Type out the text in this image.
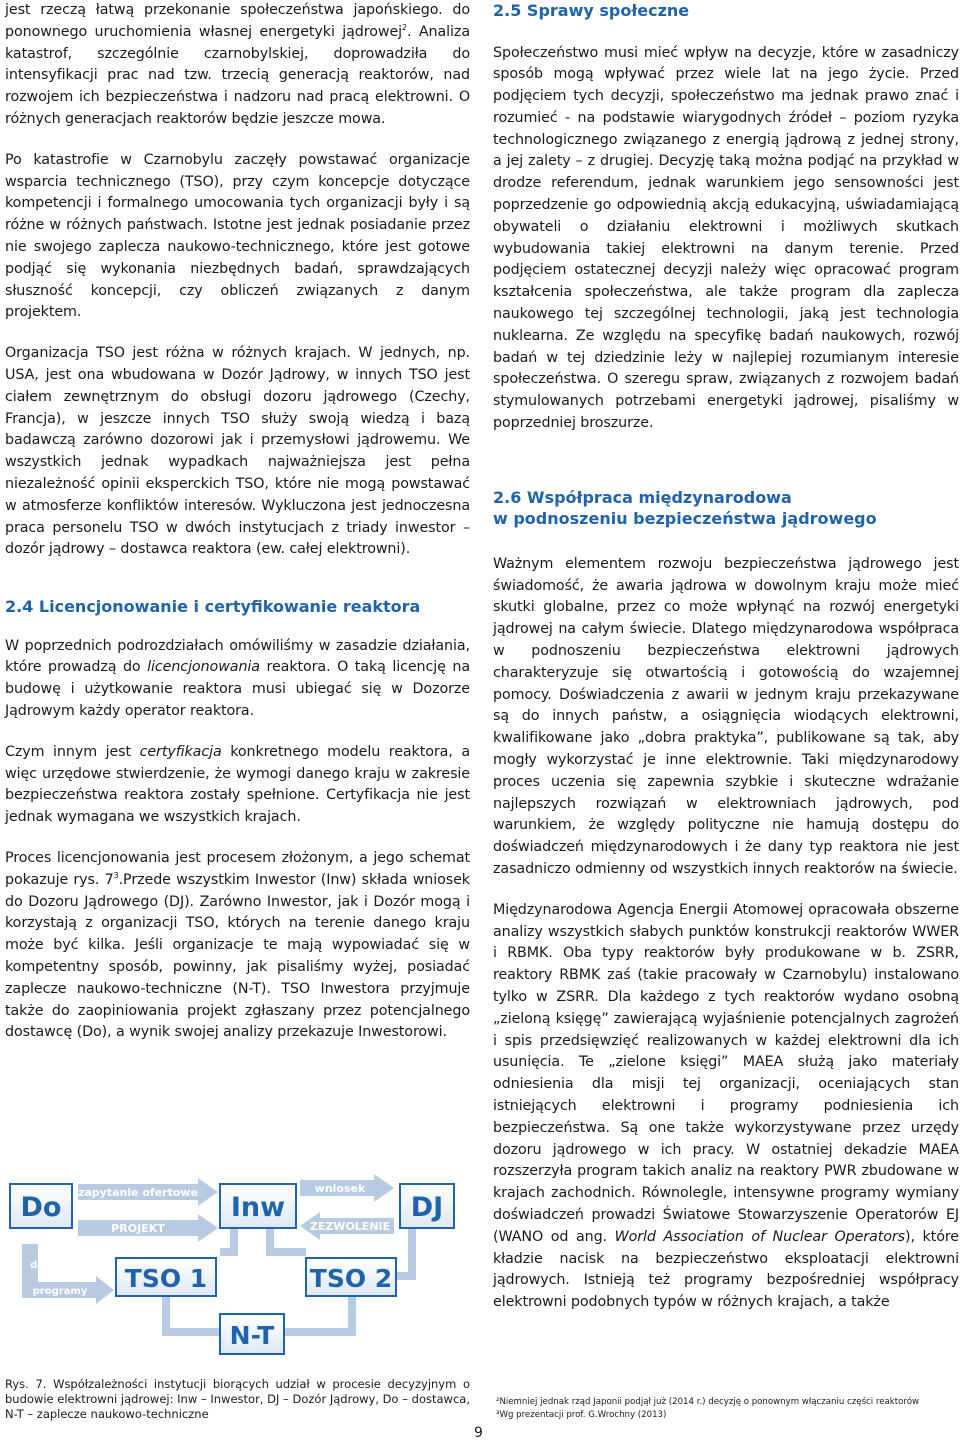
jest rzeczą łatwą przekonanie społeczeństwa japońskiego. do ponownego uruchomienia własnej energetyki jądrowej$^2$. Analiza katastrof, szczególnie czarnobylskiej, doprowadziła do intensyfikacji prac nad tzw. trzecią generacją reaktorów, nad rozwojem ich bezpieczeństwa i nadzoru nad pracą elektrowni. O różnych generacjach reaktorów będzie jeszcze mowa.

Po katastrofie w Czarnobylu zaczęły powstawać organizacje wsparcia technicznego (TSO), przy czym koncepcje dotyczące kompetencji i formalnego umocowania tych organizacji były i są różne w różnych państwach. Istotne jest jednak posiadanie przez nie swojego zaplecza naukowo-technicznego, które jest gotowe podjąć się wykonania niezbędnych badań, sprawdzających słuszność koncepcji, czy obliczeń związanych z danym projektem.

Organizacja TSO jest różna w różnych krajach. W jednych, np. USA, jest ona wbudowana w Dozór Jądrowy, w innych TSO jest ciałem zewnętrznym do obsługi dozoru jądrowego (Czechy, Francja), w jeszcze innych TSO służy swoją wiedzą i bazą badawczą zarówno dozorowi jak i przemysłowi jądrowemu. We wszystkich jednak wypadkach najważniejsza jest pełna niezależność opinii eksperckich TSO, które nie mogą powstawać w atmosferze konfliktów interesów. Wykluczona jest jednoczesna praca personelu TSO w dwóch instytucjach z triady inwestor – dozór jądrowy – dostawca reaktora (ew. całej elektrowni).

2.4 Licencjonowanie i certyfikowanie reaktora

W poprzednich podrozdziałach omówiliśmy w zasadzie działania, które prowadzą do licencjonowania reaktora. O taką licencję na budowę i użytkowanie reaktora musi ubiegać się w Dozorze Jądrowym każdy operator reaktora.

Czym innym jest certyfikacja konkretnego modelu reaktora, a więc urzędowe stwierdzenie, że wymogi danego kraju w zakresie bezpieczeństwa reaktora zostały spełnione. Certyfikacja nie jest jednak wymagana we wszystkich krajach.

Proces licencjonowania jest procesem złożonym, a jego schemat pokazuje rys. $7^3.Przede$ wszystkim Inwestor (Inw) składa wniosek do Dozoru Jądrowego (DJ). Zarówno Inwestor, jak i Dozór mogą i korzystają z organizacji TSO, których na terenie danego kraju może być kilka. Jeśli organizacje te mają wypowiadać się w kompetentny sposób, powinny, jak pisaliśmy wyżej, posiadać zaplecze naukowo-techniczne (N-T). TSO Inwestora przyjmuje także do zaopiniowania projekt zgłaszany przez potencjalnego dostawcę (Do), a wynik swojej analizy przekazuje Inwestorowi.

Do	Inw	DJ
TSO 1	TSO 2
N-T
zapytanie ofertowe
PROJEKT
wniosek
ZEZWOLENIE
dane
programy
Rys. 7. Współzależności instytucji biorących udział w procesie decyzyjnym o budowie elektrowni jądrowej: Inw – Inwestor, DJ – Dozór Jądrowy, Do – dostawca, N-T – zaplecze naukowo-techniczne
9
2.5 Sprawy społeczne

Społeczeństwo musi mieć wpływ na decyzje, które w zasadniczy sposób mogą wpływać przez wiele lat na jego życie. Przed podjęciem tych decyzji, społeczeństwo ma jednak prawo znać i rozumieć - na podstawie wiarygodnych źródeł – poziom ryzyka technologicznego związanego z energią jądrową z jednej strony, a jej zalety – z drugiej. Decyzję taką można podjąć na przykład w drodze referendum, jednak warunkiem jego sensowności jest poprzedzenie go odpowiednią akcją edukacyjną, uświadamiającą obywateli o działaniu elektrowni i możliwych skutkach wybudowania takiej elektrowni na danym terenie. Przed podjęciem ostatecznej decyzji należy więc opracować program kształcenia społeczeństwa, ale także program dla zaplecza naukowego tej szczególnej technologii, jaką jest technologia nuklearna. Ze względu na specyfikę badań naukowych, rozwój badań w tej dziedzinie leży w najlepiej rozumianym interesie społeczeństwa. O szeregu spraw, związanych z rozwojem badań stymulowanych potrzebami energetyki jądrowej, pisaliśmy w poprzedniej broszurze.

2.6 Współpraca międzynarodowa
w podnoszeniu bezpieczeństwa jądrowego

Ważnym elementem rozwoju bezpieczeństwa jądrowego jest świadomość, że awaria jądrowa w dowolnym kraju może mieć skutki globalne, przez co może wpłynąć na rozwój energetyki jądrowej na całym świecie. Dlatego międzynarodowa współpraca w podnoszeniu bezpieczeństwa elektrowni jądrowych charakteryzuje się otwartością i gotowością do wzajemnej pomocy. Doświadczenia z awarii w jednym kraju przekazywane są do innych państw, a osiągnięcia wiodących elektrowni, kwalifikowane jako „dobra praktyka”, publikowane są tak, aby mogły wykorzystać je inne elektrownie. Taki międzynarodowy proces uczenia się zapewnia szybkie i skuteczne wdrażanie najlepszych rozwiązań w elektrowniach jądrowych, pod warunkiem, że względy polityczne nie hamują dostępu do doświadczeń międzynarodowych i że dany typ reaktora nie jest zasadniczo odmienny od wszystkich innych reaktorów na świecie.

Międzynarodowa Agencja Energii Atomowej opracowała obszerne analizy wszystkich słabych punktów konstrukcji reaktorów WWER i RBMK. Oba typy reaktorów były produkowane w b. ZSRR, reaktory RBMK zaś (takie pracowały w Czarnobylu) instalowano tylko w ZSRR. Dla każdego z tych reaktorów wydano osobną „zieloną księgę” zawierającą wyjaśnienie potencjalnych zagrożeń i spis przedsięwzięć realizowanych w każdej elektrowni dla ich usunięcia. Te „zielone księgi” MAEA służą jako materiały odniesienia dla misji tej organizacji, oceniających stan istniejących elektrowni i programy podniesienia ich bezpieczeństwa. Są one także wykorzystywane przez urzędy dozoru jądrowego w ich pracy. W ostatniej dekadzie MAEA rozszerzyła program takich analiz na reaktory PWR zbudowane w krajach zachodnich. Równolegle, intensywne programy wymiany doświadczeń prowadzi Światowe Stowarzyszenie Operatorów EJ (WANO od ang. World Association of Nuclear Operators), które kładzie nacisk na bezpieczeństwo eksploatacji elektrowni jądrowych. Istnieją też programy bezpośredniej współpracy elektrowni podobnych typów w różnych krajach, a także

²Niemniej jednak rząd Japonii podjął już (2014 r.) decyzję o ponownym włączaniu części reaktorów
³Wg prezentacji prof. G.Wrochny (2013)
